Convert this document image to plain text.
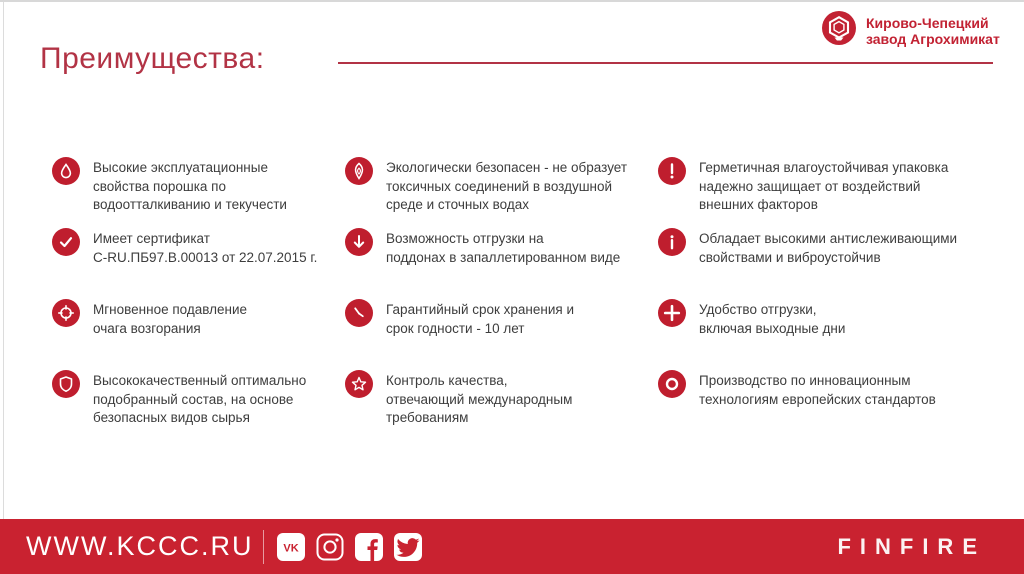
Преимущества:
Кирово-Чепецкий
завод Агрохимикат

Высокие эксплуатационные
свойства порошка по
водоотталкиванию и текучести

Экологически безопасен - не образует
токсичных соединений в воздушной
среде и сточных водах

Герметичная влагоустойчивая упаковка
надежно защищает от воздействий
внешних факторов

Имеет сертификат
C-RU.ПБ97.В.00013 от 22.07.2015 г.

Возможность отгрузки на
поддонах в запаллетированном виде

Обладает высокими антислеживающими
свойствами и виброустойчив

Мгновенное подавление
очага возгорания

Гарантийный срок хранения и
срок годности - 10 лет

Удобство отгрузки,
включая выходные дни

Высококачественный оптимально
подобранный состав, на основе
безопасных видов сырья

Контроль качества,
отвечающий международным
требованиям

Производство по инновационным
технологиям европейских стандартов

WWW.KCCC.RU	VK	FINFIRE
